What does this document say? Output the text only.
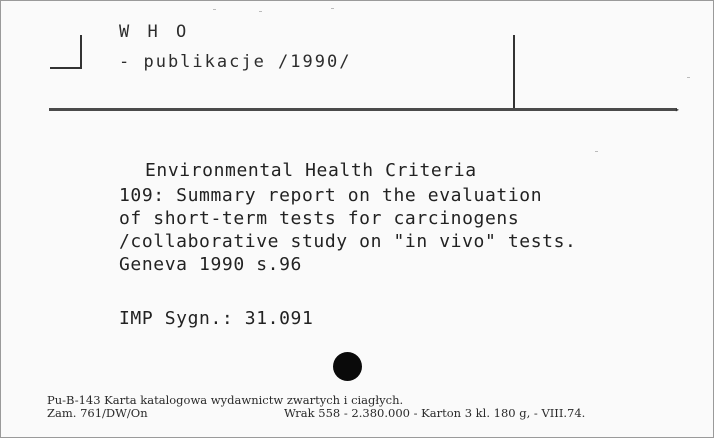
W H O
- publikacje /1990/
▸
Environmental Health Criteria
109: Summary report on the evaluation
of short-term tests for carcinogens
/collaborative study on "in vivo" tests.
Geneva 1990 s.96
IMP Sygn.: 31.091
Pu-B-143 Karta katalogowa wydawnictw zwartych i ciagłych.
Zam. 761/DW/On	Wrak 558 - 2.380.000 - Karton 3 kl. 180 g, - VIII.74.
